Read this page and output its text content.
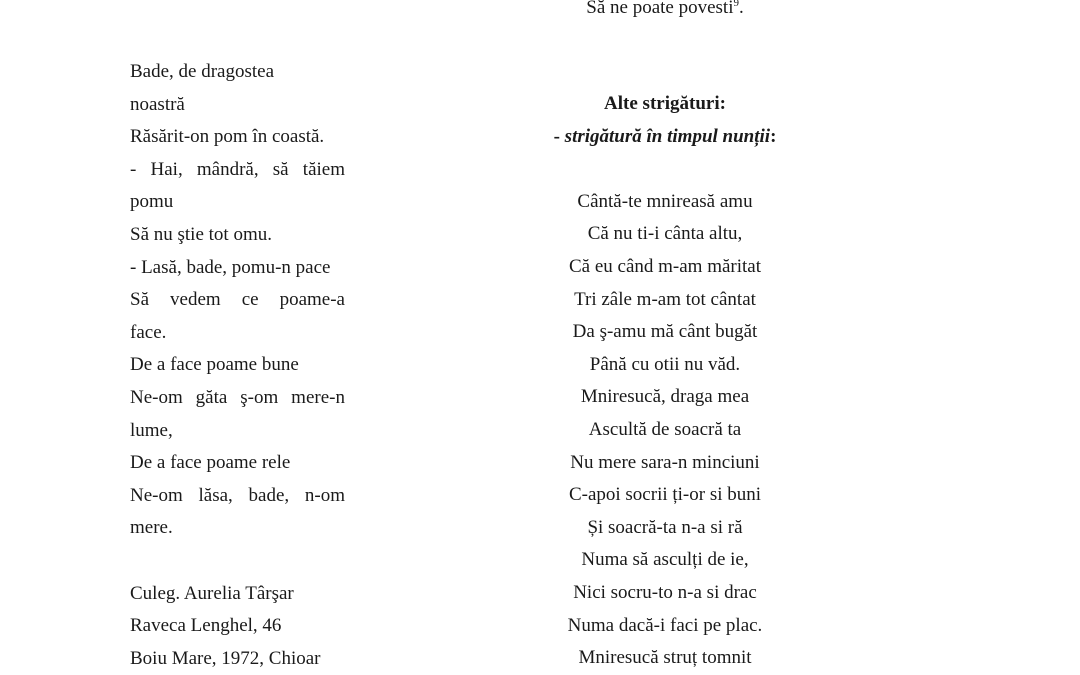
Să ne poate povesti$^9$.
Bade, de dragostea
noastră
Răsărit-on pom în coastă.
- Hai, mândră, să tăiem
pomu
Să nu ştie tot omu.
- Lasă, bade, pomu-n pace
Să vedem ce poame-a
face.
De a face poame bune
Ne-om găta ş-om mere-n
lume,
De a face poame rele
Ne-om lăsa, bade, n-om
mere.
Culeg. Aurelia Târşar
Raveca Lenghel, 46
Boiu Mare, 1972, Chioar
Alte strigături:
- strigătură în timpul nunții:
Cântă-te mnireasă amu
Că nu ti-i cânta altu,
Că eu când m-am măritat
Tri zâle m-am tot cântat
Da ş-amu mă cânt bugăt
Până cu otii nu văd.
Mniresucă, draga mea
Ascultă de soacră ta
Nu mere sara-n minciuni
C-apoi socrii ți-or si buni
Și soacră-ta n-a si ră
Numa să asculți de ie,
Nici socru-to n-a si drac
Numa dacă-i faci pe plac.
Mniresucă struț tomnit
